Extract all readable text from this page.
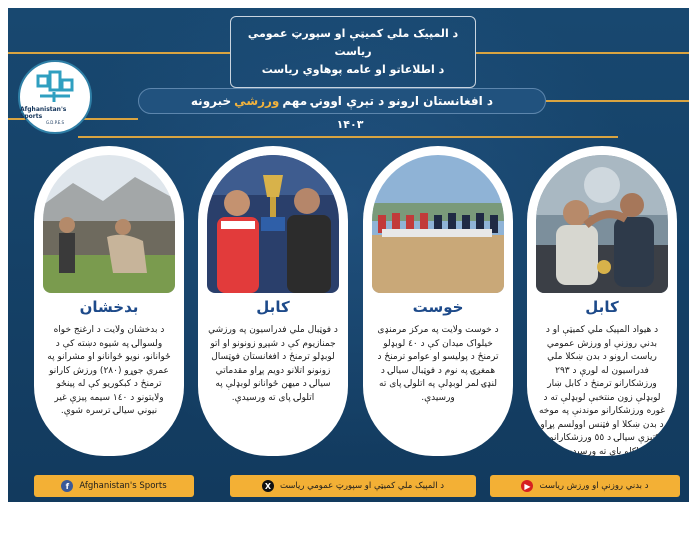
د المپیک ملي کمیټې او سپورټ عمومي ریاست
د اطلاعاتو او عامه پوهاوي ریاست
Afghanistan's Sports
G.D.P.E.S
د افغانستان ارونو د تېرې اوونۍ مهم
ورزشي
خبرونه
۱۴۰۳
کابل
د هیواد المپیک ملي کمیټې او د بدني روزنې او ورزش عمومي ریاست ارونو د بدن ښکلا ملي فدراسیون له لورې د ۲۹۳ ورزشکارانو ترمنځ د کابل ښار لوبډلې زون منتخبې لوبډلې ته د غوره ورزشکارانو موندنې په موخه د بدن ښکلا او فټنس اوولسم پړاو ټاکتیزې سیالۍ د ٥٥ ورزشکارانو په ټاکلو پای ته ورسیدې.
خوست
د خوست ولایت په مرکز مرمنډی خیلواک میدان کې د ٤٠ لوبډلو ترمنځ د پولیسو او عوامو ترمنځ د همغږۍ په نوم د فوټبال سیالۍ د لنډۍ لمر لوبډلې په اتلولۍ پای ته ورسیدې.
کابل
د فوټبال ملي فدراسیون په ورزشي جمنازیوم کې د شپږو زونونو او اتو لوبډلو ترمنځ د افغانستان فوټسال زونونو اتلانو دویم پړاو مقدماتي سیالۍ د میهن ځوانانو لوبډلې په اتلولۍ پای ته ورسیدې.
بدخشان
د بدخشان ولایت د ارغنج خواه ولسوالۍ په شیوه دښته کې د ځوانانو، نویو ځوانانو او مشرانو په عمري جوړو (۲۸۰) ورزش کارانو ترمنځ د کبکوریو کې له پینځو ولایتونو د ١٤٠ سیمه پیزې غیر نیوني سیالۍ ترسره شوې.
f	Afghanistan's Sports	د المپیک ملي کمیټې او سپورټ عمومي ریاست
X	د بدني روزنې او ورزش ریاست
▶
